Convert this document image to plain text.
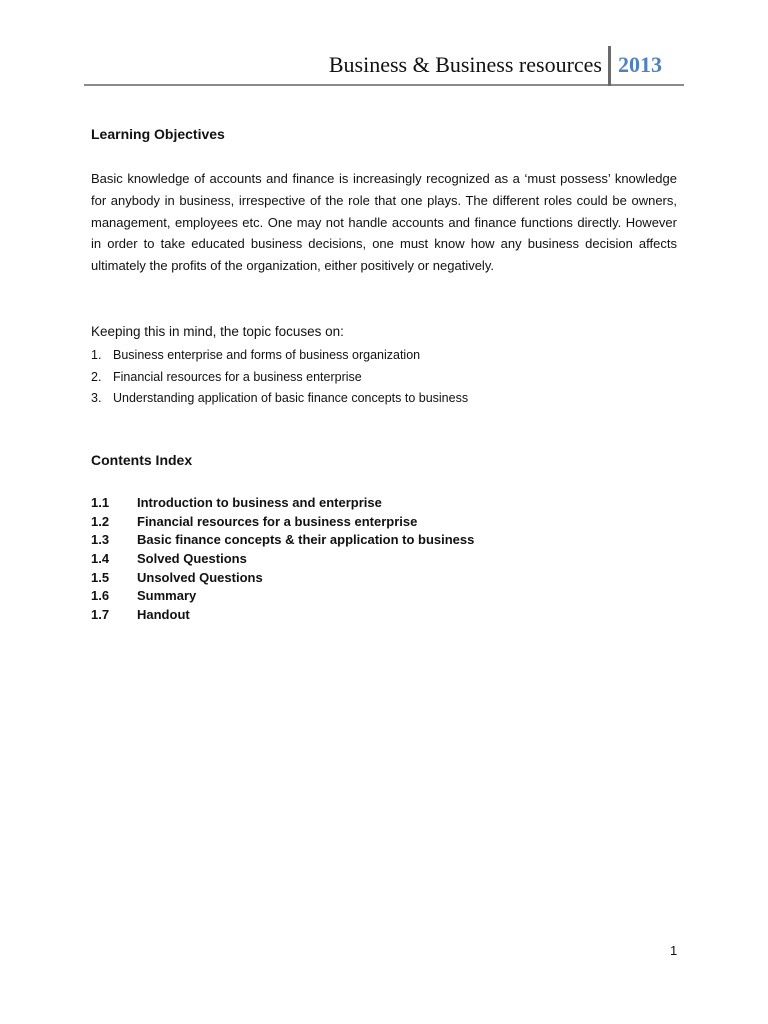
Business & Business resources 2013
Learning Objectives

Basic knowledge of accounts and finance is increasingly recognized as a ‘must possess’ knowledge for anybody in business, irrespective of the role that one plays. The different roles could be owners, management, employees etc. One may not handle accounts and finance functions directly. However in order to take educated business decisions, one must know how any business decision affects ultimately the profits of the organization, either positively or negatively.

Keeping this in mind, the topic focuses on:

1. Business enterprise and forms of business organization
2. Financial resources for a business enterprise
3. Understanding application of basic finance concepts to business
Contents Index
1.1 Introduction to business and enterprise
1.2 Financial resources for a business enterprise
1.3 Basic finance concepts & their application to business
1.4 Solved Questions
1.5 Unsolved Questions
1.6 Summary
1.7 Handout
1
